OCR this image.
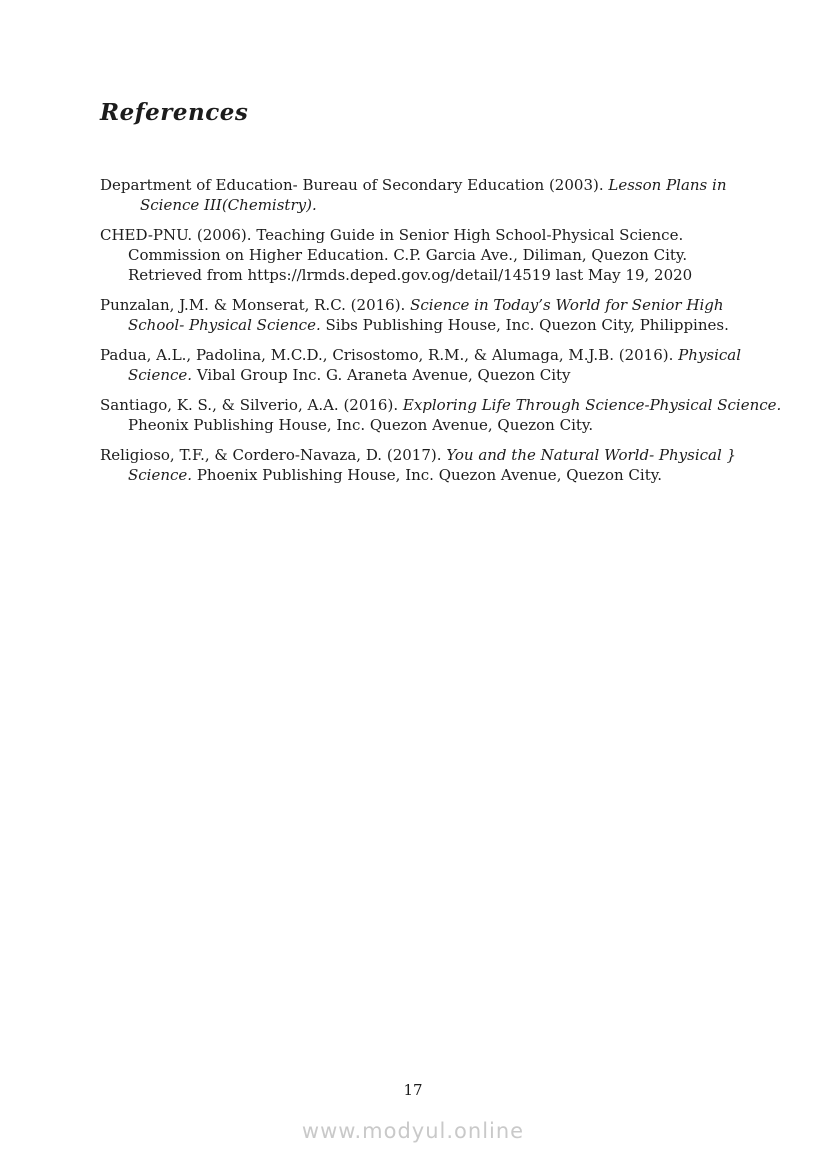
References

Department of Education- Bureau of Secondary Education (2003). Lesson Plans in
Science III(Chemistry).

CHED-PNU. (2006). Teaching Guide in Senior High School-Physical Science.
Commission on Higher Education. C.P. Garcia Ave., Diliman, Quezon City.
Retrieved from https://lrmds.deped.gov.og/detail/14519 last May 19, 2020

Punzalan, J.M. & Monserat, R.C. (2016). Science in Today’s World for Senior High
School- Physical Science. Sibs Publishing House, Inc. Quezon City, Philippines.

Padua, A.L., Padolina, M.C.D., Crisostomo, R.M., & Alumaga, M.J.B. (2016). Physical
Science. Vibal Group Inc. G. Araneta Avenue, Quezon City

Santiago, K. S., & Silverio, A.A. (2016). Exploring Life Through Science-Physical Science.
Pheonix Publishing House, Inc. Quezon Avenue, Quezon City.

Religioso, T.F., & Cordero-Navaza, D. (2017). You and the Natural World- Physical }
Science. Phoenix Publishing House, Inc. Quezon Avenue, Quezon City.

17
www.modyul.online
